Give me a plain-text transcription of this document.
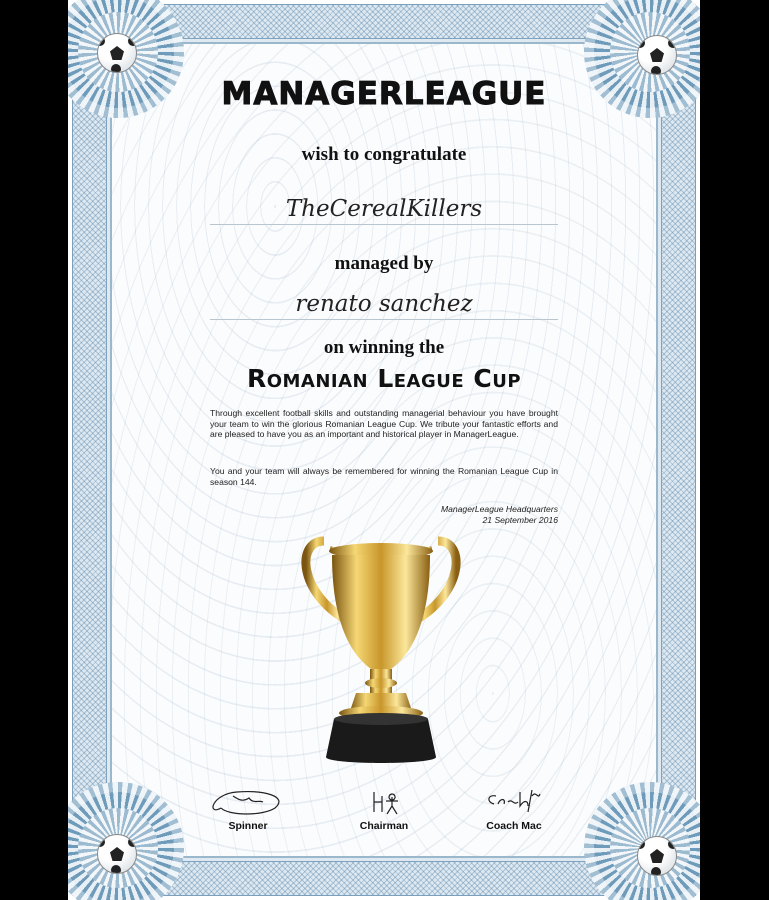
MANAGERLEAGUE
wish to congratulate
TheCerealKillers
managed by
renato sanchez
on winning the
Romanian League Cup
Through excellent football skills and outstanding managerial behaviour you have brought your team to win the glorious Romanian League Cup. We tribute your fantastic efforts and are pleased to have you as an important and historical player in ManagerLeague.
You and your team will always be remembered for winning the Romanian League Cup in season 144.
ManagerLeague Headquarters
21 September 2016
Spinner	Chairman	Coach Mac
